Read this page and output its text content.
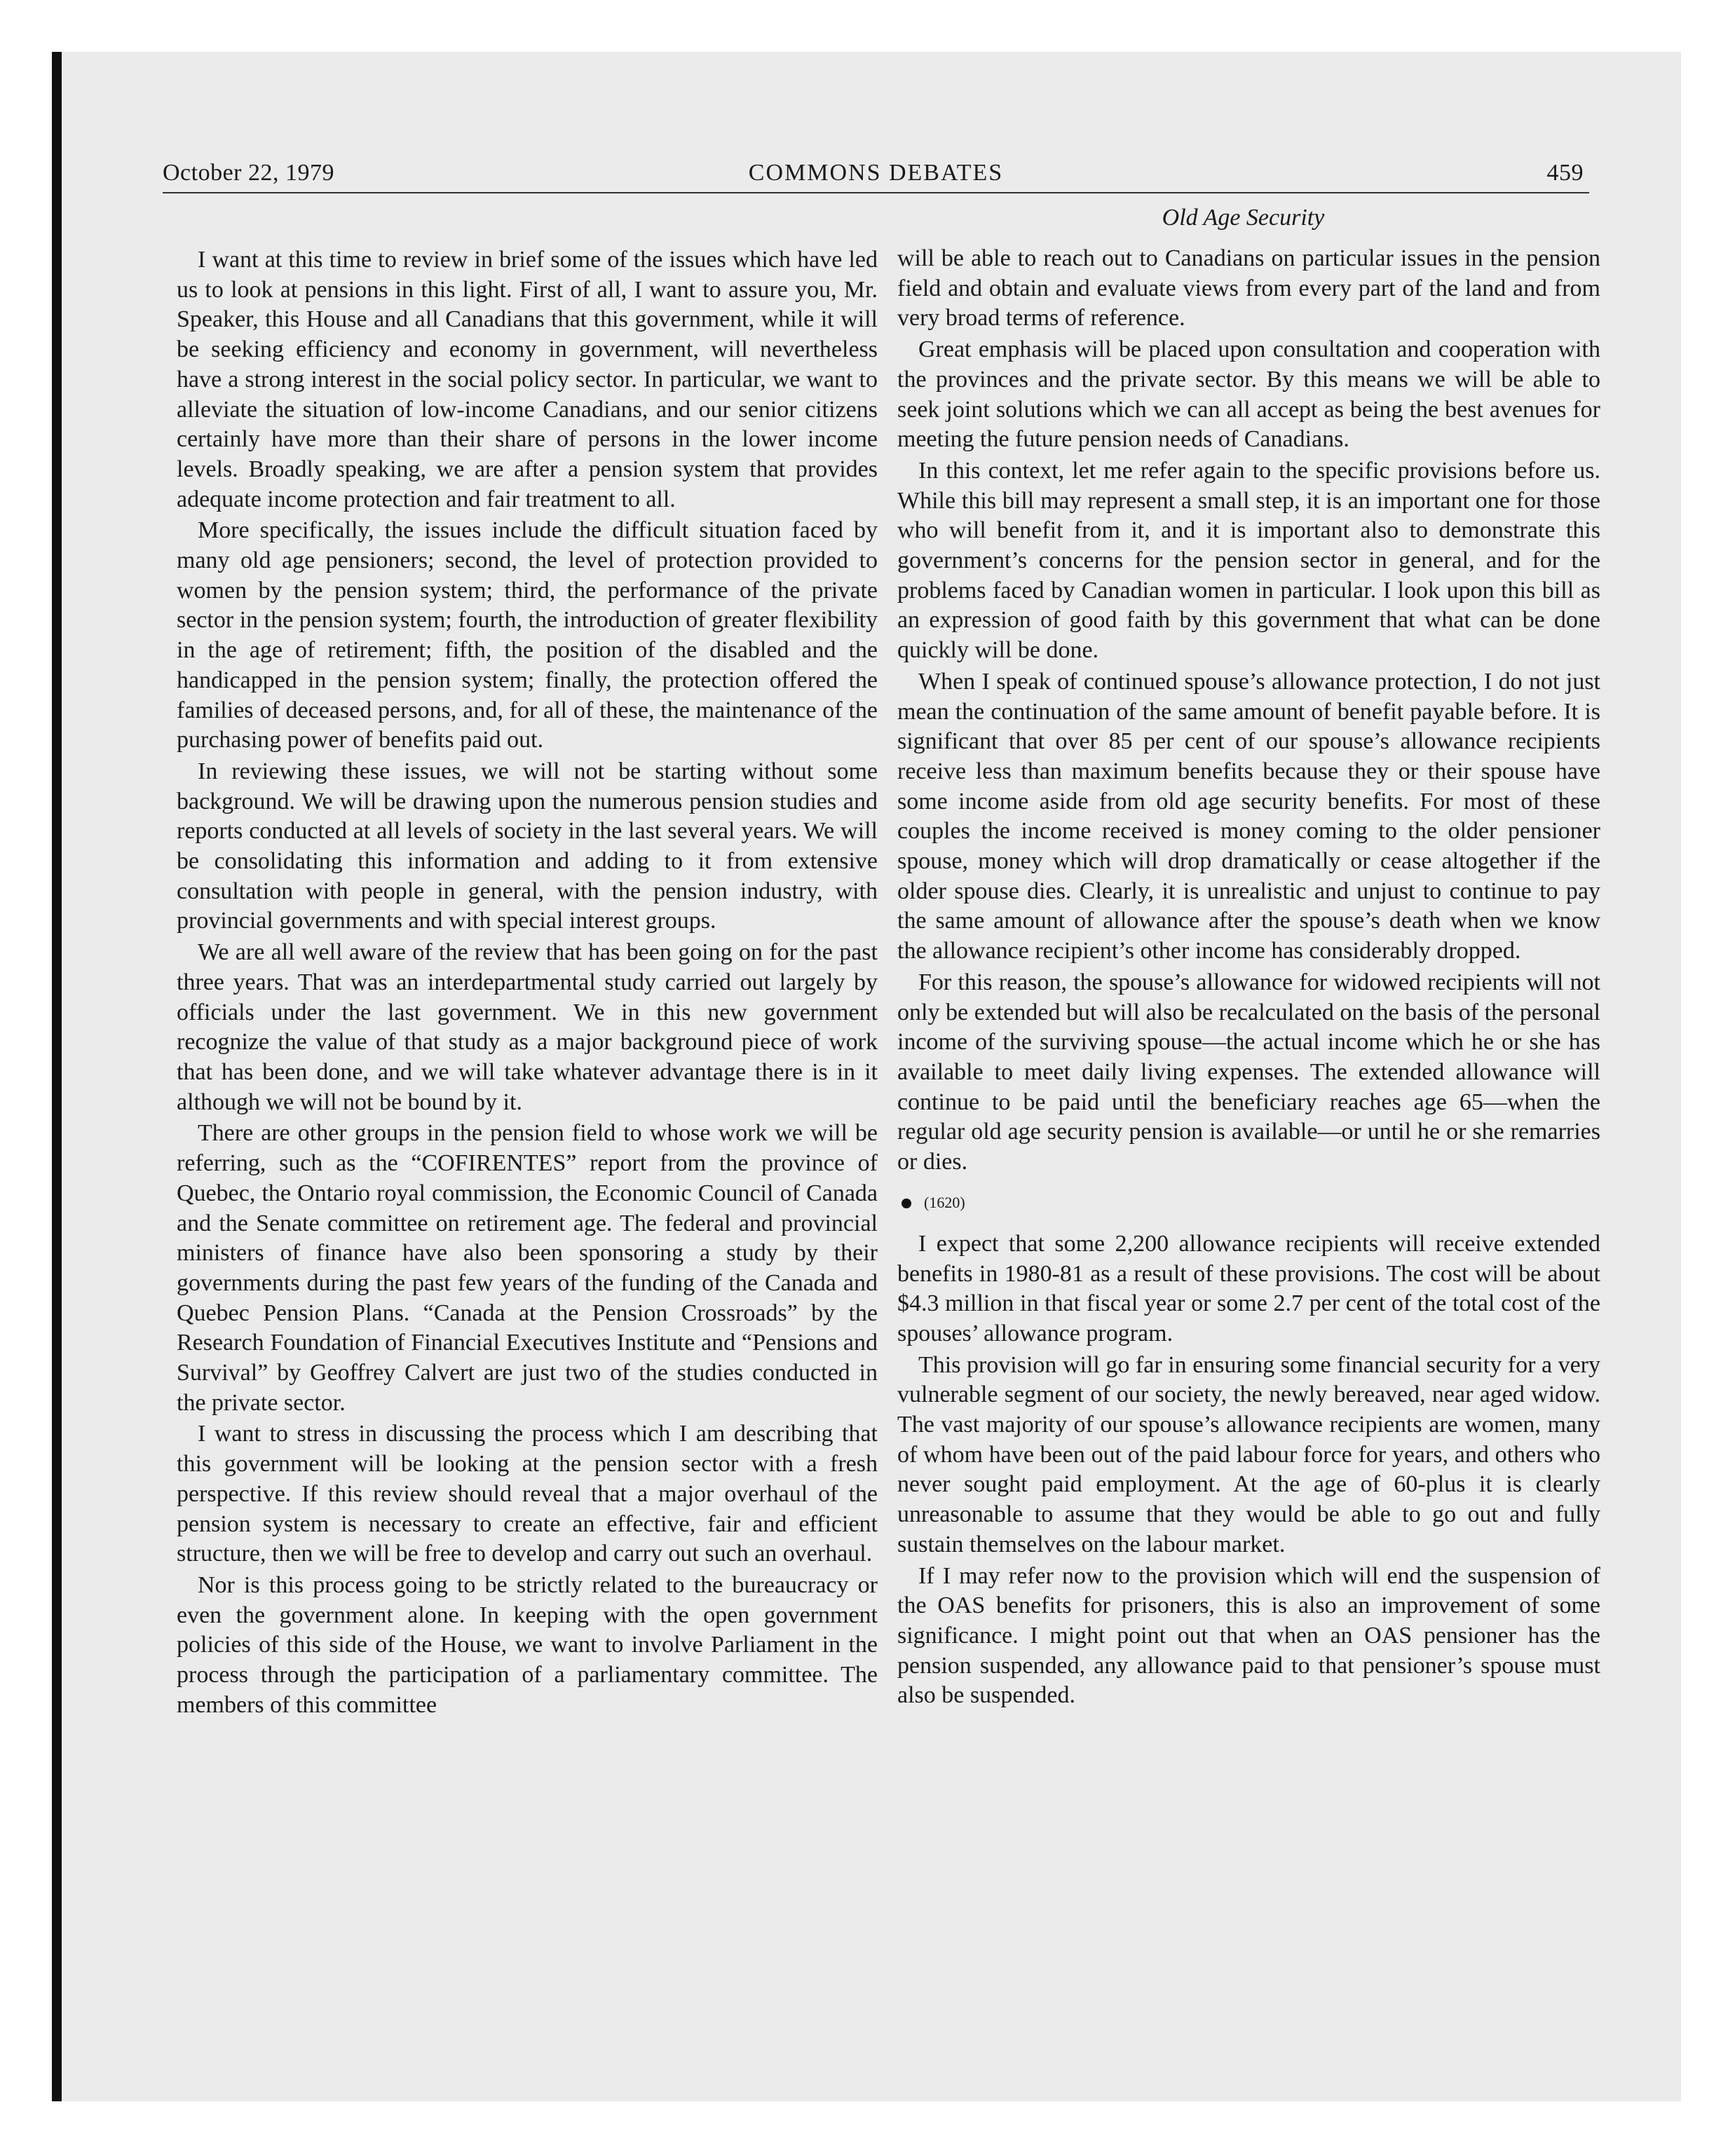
October 22, 1979	COMMONS DEBATES	459
Old Age Security

I want at this time to review in brief some of the issues which have led us to look at pensions in this light. First of all, I want to assure you, Mr. Speaker, this House and all Canadians that this government, while it will be seeking efficiency and economy in government, will nevertheless have a strong interest in the social policy sector. In particular, we want to alleviate the situation of low-income Canadians, and our senior citizens certainly have more than their share of persons in the lower income levels. Broadly speaking, we are after a pension system that provides adequate income protection and fair treatment to all.

More specifically, the issues include the difficult situation faced by many old age pensioners; second, the level of protection provided to women by the pension system; third, the performance of the private sector in the pension system; fourth, the introduction of greater flexibility in the age of retirement; fifth, the position of the disabled and the handicapped in the pension system; finally, the protection offered the families of deceased persons, and, for all of these, the maintenance of the purchasing power of benefits paid out.

In reviewing these issues, we will not be starting without some background. We will be drawing upon the numerous pension studies and reports conducted at all levels of society in the last several years. We will be consolidating this information and adding to it from extensive consultation with people in general, with the pension industry, with provincial governments and with special interest groups.

We are all well aware of the review that has been going on for the past three years. That was an interdepartmental study carried out largely by officials under the last government. We in this new government recognize the value of that study as a major background piece of work that has been done, and we will take whatever advantage there is in it although we will not be bound by it.

There are other groups in the pension field to whose work we will be referring, such as the “COFIRENTES” report from the province of Quebec, the Ontario royal commission, the Economic Council of Canada and the Senate committee on retirement age. The federal and provincial ministers of finance have also been sponsoring a study by their governments during the past few years of the funding of the Canada and Quebec Pension Plans. “Canada at the Pension Crossroads” by the Research Foundation of Financial Executives Institute and “Pensions and Survival” by Geoffrey Calvert are just two of the studies conducted in the private sector.

I want to stress in discussing the process which I am describing that this government will be looking at the pension sector with a fresh perspective. If this review should reveal that a major overhaul of the pension system is necessary to create an effective, fair and efficient structure, then we will be free to develop and carry out such an overhaul.

Nor is this process going to be strictly related to the bureaucracy or even the government alone. In keeping with the open government policies of this side of the House, we want to involve Parliament in the process through the participation of a parliamentary committee. The members of this committee

will be able to reach out to Canadians on particular issues in the pension field and obtain and evaluate views from every part of the land and from very broad terms of reference.

Great emphasis will be placed upon consultation and cooperation with the provinces and the private sector. By this means we will be able to seek joint solutions which we can all accept as being the best avenues for meeting the future pension needs of Canadians.

In this context, let me refer again to the specific provisions before us. While this bill may represent a small step, it is an important one for those who will benefit from it, and it is important also to demonstrate this government’s concerns for the pension sector in general, and for the problems faced by Canadian women in particular. I look upon this bill as an expression of good faith by this government that what can be done quickly will be done.

When I speak of continued spouse’s allowance protection, I do not just mean the continuation of the same amount of benefit payable before. It is significant that over 85 per cent of our spouse’s allowance recipients receive less than maximum benefits because they or their spouse have some income aside from old age security benefits. For most of these couples the income received is money coming to the older pensioner spouse, money which will drop dramatically or cease altogether if the older spouse dies. Clearly, it is unrealistic and unjust to continue to pay the same amount of allowance after the spouse’s death when we know the allowance recipient’s other income has considerably dropped.

For this reason, the spouse’s allowance for widowed recipients will not only be extended but will also be recalculated on the basis of the personal income of the surviving spouse—the actual income which he or she has available to meet daily living expenses. The extended allowance will continue to be paid until the beneficiary reaches age 65—when the regular old age security pension is available—or until he or she remarries or dies.

(1620)

I expect that some 2,200 allowance recipients will receive extended benefits in 1980-81 as a result of these provisions. The cost will be about $4.3 million in that fiscal year or some 2.7 per cent of the total cost of the spouses’ allowance program.

This provision will go far in ensuring some financial security for a very vulnerable segment of our society, the newly bereaved, near aged widow. The vast majority of our spouse’s allowance recipients are women, many of whom have been out of the paid labour force for years, and others who never sought paid employment. At the age of 60-plus it is clearly unreasonable to assume that they would be able to go out and fully sustain themselves on the labour market.

If I may refer now to the provision which will end the suspension of the OAS benefits for prisoners, this is also an improvement of some significance. I might point out that when an OAS pensioner has the pension suspended, any allowance paid to that pensioner’s spouse must also be suspended.
